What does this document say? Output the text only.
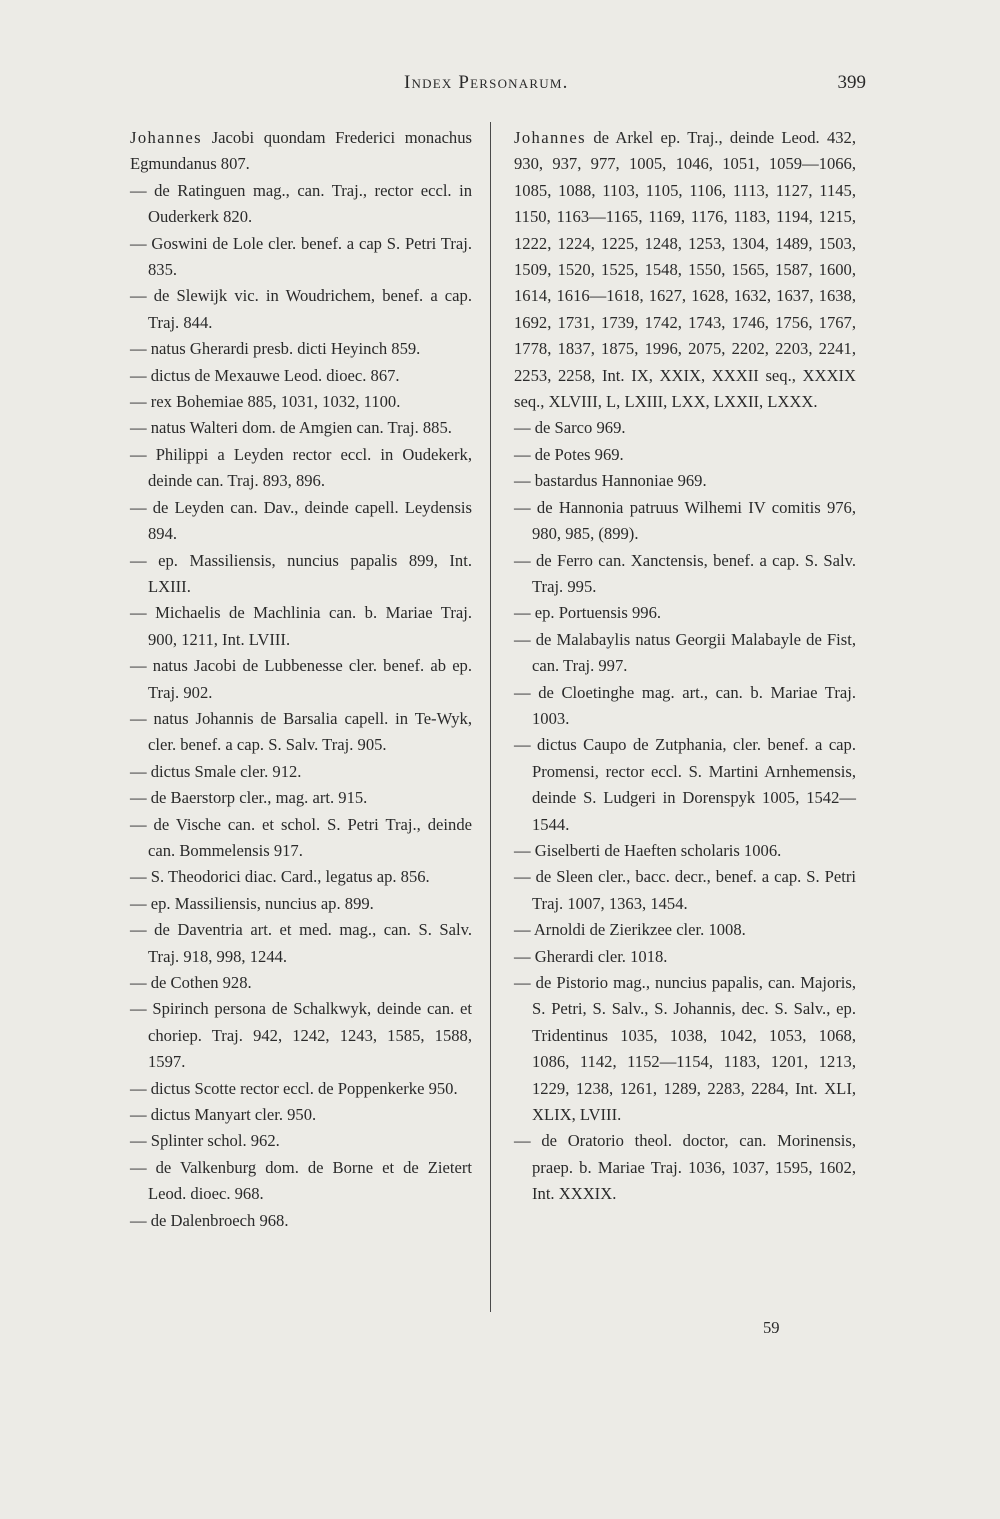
Index Personarum.	399

Johannes Jacobi quondam Frederici monachus Egmundanus 807.

— de Ratinguen mag., can. Traj., rector eccl. in Ouderkerk 820.

— Goswini de Lole cler. benef. a cap S. Petri Traj. 835.

— de Slewijk vic. in Woudrichem, benef. a cap. Traj. 844.

— natus Gherardi presb. dicti Heyinch 859.

— dictus de Mexauwe Leod. dioec. 867.

— rex Bohemiae 885, 1031, 1032, 1100.

— natus Walteri dom. de Amgien can. Traj. 885.

— Philippi a Leyden rector eccl. in Oudekerk, deinde can. Traj. 893, 896.

— de Leyden can. Dav., deinde capell. Leydensis 894.

— ep. Massiliensis, nuncius papalis 899, Int. LXIII.

— Michaelis de Machlinia can. b. Mariae Traj. 900, 1211, Int. LVIII.

— natus Jacobi de Lubbenesse cler. benef. ab ep. Traj. 902.

— natus Johannis de Barsalia capell. in Te-Wyk, cler. benef. a cap. S. Salv. Traj. 905.

— dictus Smale cler. 912.

— de Baerstorp cler., mag. art. 915.

— de Vische can. et schol. S. Petri Traj., deinde can. Bommelensis 917.

— S. Theodorici diac. Card., legatus ap. 856.

— ep. Massiliensis, nuncius ap. 899.

— de Daventria art. et med. mag., can. S. Salv. Traj. 918, 998, 1244.

— de Cothen 928.

— Spirinch persona de Schalkwyk, deinde can. et choriep. Traj. 942, 1242, 1243, 1585, 1588, 1597.

— dictus Scotte rector eccl. de Poppenkerke 950.

— dictus Manyart cler. 950.

— Splinter schol. 962.

— de Valkenburg dom. de Borne et de Zietert Leod. dioec. 968.

— de Dalenbroech 968.

Johannes de Arkel ep. Traj., deinde Leod. 432, 930, 937, 977, 1005, 1046, 1051, 1059—1066, 1085, 1088, 1103, 1105, 1106, 1113, 1127, 1145, 1150, 1163—1165, 1169, 1176, 1183, 1194, 1215, 1222, 1224, 1225, 1248, 1253, 1304, 1489, 1503, 1509, 1520, 1525, 1548, 1550, 1565, 1587, 1600, 1614, 1616—1618, 1627, 1628, 1632, 1637, 1638, 1692, 1731, 1739, 1742, 1743, 1746, 1756, 1767, 1778, 1837, 1875, 1996, 2075, 2202, 2203, 2241, 2253, 2258, Int. IX, XXIX, XXXII seq., XXXIX seq., XLVIII, L, LXIII, LXX, LXXII, LXXX.

— de Sarco 969.

— de Potes 969.

— bastardus Hannoniae 969.

— de Hannonia patruus Wilhemi IV comitis 976, 980, 985, (899).

— de Ferro can. Xanctensis, benef. a cap. S. Salv. Traj. 995.

— ep. Portuensis 996.

— de Malabaylis natus Georgii Malabayle de Fist, can. Traj. 997.

— de Cloetinghe mag. art., can. b. Mariae Traj. 1003.

— dictus Caupo de Zutphania, cler. benef. a cap. Promensi, rector eccl. S. Martini Arnhemensis, deinde S. Ludgeri in Dorenspyk 1005, 1542—1544.

— Giselberti de Haeften scholaris 1006.

— de Sleen cler., bacc. decr., benef. a cap. S. Petri Traj. 1007, 1363, 1454.

— Arnoldi de Zierikzee cler. 1008.

— Gherardi cler. 1018.

— de Pistorio mag., nuncius papalis, can. Majoris, S. Petri, S. Salv., S. Johannis, dec. S. Salv., ep. Tridentinus 1035, 1038, 1042, 1053, 1068, 1086, 1142, 1152—1154, 1183, 1201, 1213, 1229, 1238, 1261, 1289, 2283, 2284, Int. XLI, XLIX, LVIII.

— de Oratorio theol. doctor, can. Morinensis, praep. b. Mariae Traj. 1036, 1037, 1595, 1602, Int. XXXIX.

59
